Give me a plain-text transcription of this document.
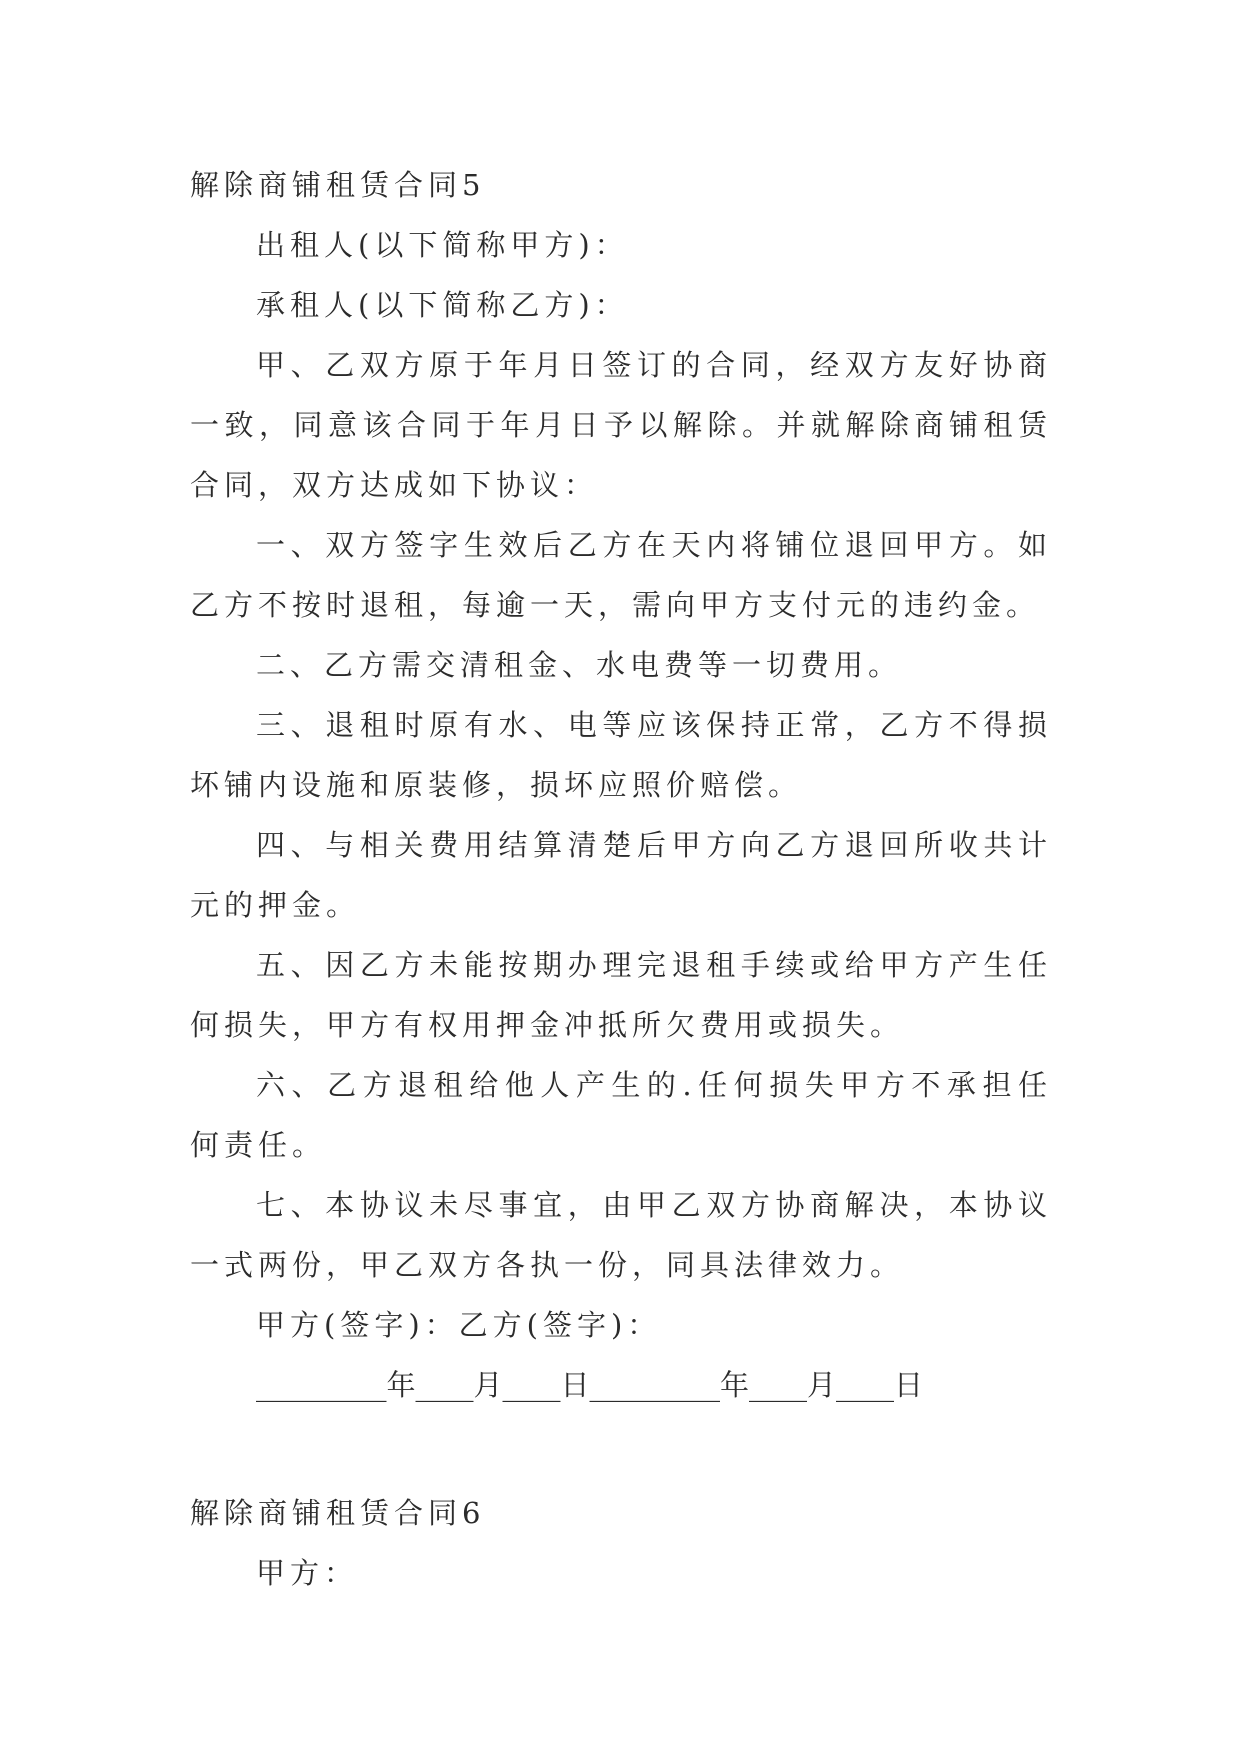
解除商铺租赁合同5

出租人(以下简称甲方)：

承租人(以下简称乙方)：

甲、乙双方原于年月日签订的合同，经双方友好协商一致，同意该合同于年月日予以解除。并就解除商铺租赁合同，双方达成如下协议：

一、双方签字生效后乙方在天内将铺位退回甲方。如乙方不按时退租，每逾一天，需向甲方支付元的违约金。

二、乙方需交清租金、水电费等一切费用。

三、退租时原有水、电等应该保持正常，乙方不得损坏铺内设施和原装修，损坏应照价赔偿。

四、与相关费用结算清楚后甲方向乙方退回所收共计元的押金。

五、因乙方未能按期办理完退租手续或给甲方产生任何损失，甲方有权用押金冲抵所欠费用或损失。

六、乙方退租给他人产生的.任何损失甲方不承担任何责任。

七、本协议未尽事宜，由甲乙双方协商解决，本协议一式两份，甲乙双方各执一份，同具法律效力。

甲方(签字)：乙方(签字)：

_________年____月____日_________年____月____日

解除商铺租赁合同6

甲方：
